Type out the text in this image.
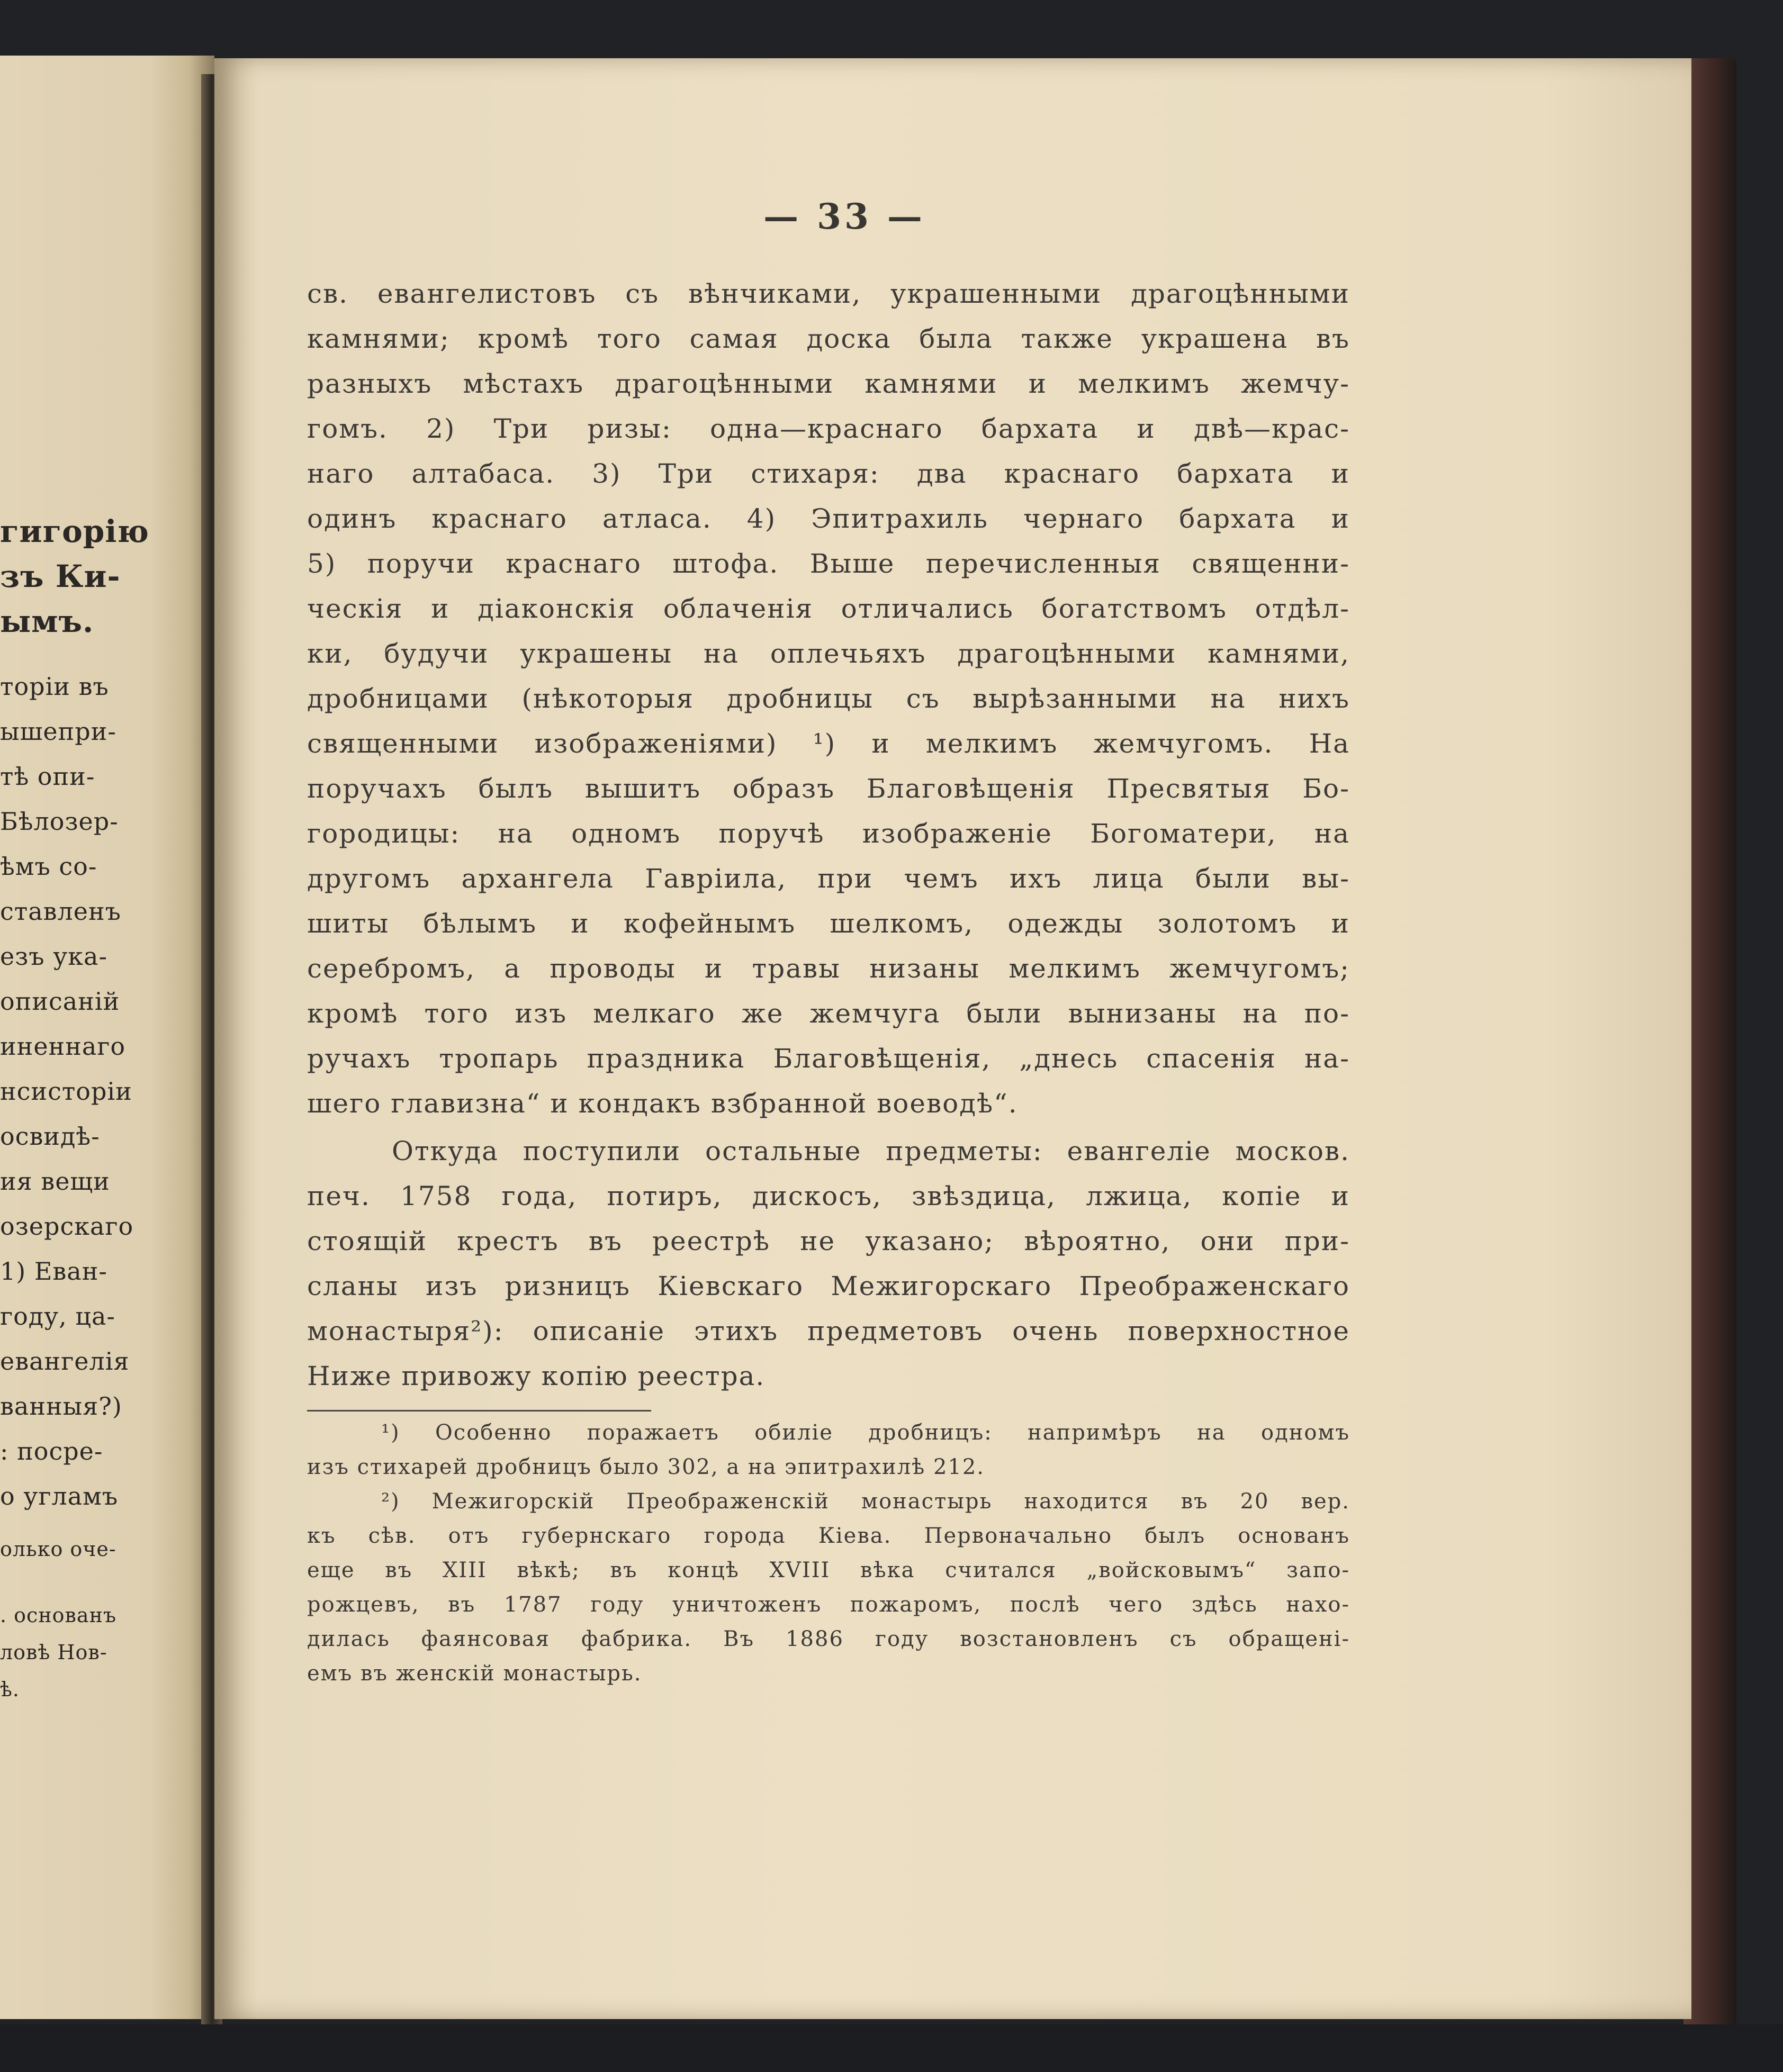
гигорію
зъ Ки-
ымъ.
торіи въ
ышепри-
тѣ опи-
Бѣлозер-
ѣмъ со-
ставленъ
езъ ука-
описаній
иненнаго
нсисторіи
освидѣ-
ия вещи
озерскаго
1) Еван-
году, ца-
евангелія
ванныя?)
: посре-
о угламъ
олько оче-
. основанъ
ловѣ Нов-
ѣ.
— 33 —
св. евангелистовъ съ вѣнчиками, украшенными драгоцѣнными
камнями; кромѣ того самая доска была также украшена въ
разныхъ мѣстахъ драгоцѣнными камнями и мелкимъ жемчу-
гомъ. 2) Три ризы: одна—краснаго бархата и двѣ—крас-
наго алтабаса. 3) Три стихаря: два краснаго бархата и
одинъ краснаго атласа. 4) Эпитрахиль чернаго бархата и
5) поручи краснаго штофа. Выше перечисленныя священни-
ческія и діаконскія облаченія отличались богатствомъ отдѣл-
ки, будучи украшены на оплечьяхъ драгоцѣнными камнями,
дробницами (нѣкоторыя дробницы съ вырѣзанными на нихъ
священными изображеніями) ¹) и мелкимъ жемчугомъ. На
поручахъ былъ вышитъ образъ Благовѣщенія Пресвятыя Бо-
городицы: на одномъ поручѣ изображеніе Богоматери, на
другомъ архангела Гавріила, при чемъ ихъ лица были вы-
шиты бѣлымъ и кофейнымъ шелкомъ, одежды золотомъ и
серебромъ, а проводы и травы низаны мелкимъ жемчугомъ;
кромѣ того изъ мелкаго же жемчуга были вынизаны на по-
ручахъ тропарь праздника Благовѣщенія, „днесь спасенія на-
шего главизна“ и кондакъ взбранной воеводѣ“.
Откуда поступили остальные предметы: евангеліе москов.
печ. 1758 года, потиръ, дискосъ, звѣздица, лжица, копіе и
стоящій крестъ въ реестрѣ не указано; вѣроятно, они при-
сланы изъ ризницъ Кіевскаго Межигорскаго Преображенскаго
монастыря²): описаніе этихъ предметовъ очень поверхностное
Ниже привожу копію реестра.
¹) Особенно поражаетъ обиліе дробницъ: напримѣръ на одномъ
изъ стихарей дробницъ было 302, а на эпитрахилѣ 212.
²) Межигорскій Преображенскій монастырь находится въ 20 вер.
къ сѣв. отъ губернскаго города Кіева. Первоначально былъ основанъ
еще въ XIII вѣкѣ; въ концѣ XVIII вѣка считался „войсковымъ“ запо-
рожцевъ, въ 1787 году уничтоженъ пожаромъ, послѣ чего здѣсь нахо-
дилась фаянсовая фабрика. Въ 1886 году возстановленъ съ обращені-
емъ въ женскій монастырь.
